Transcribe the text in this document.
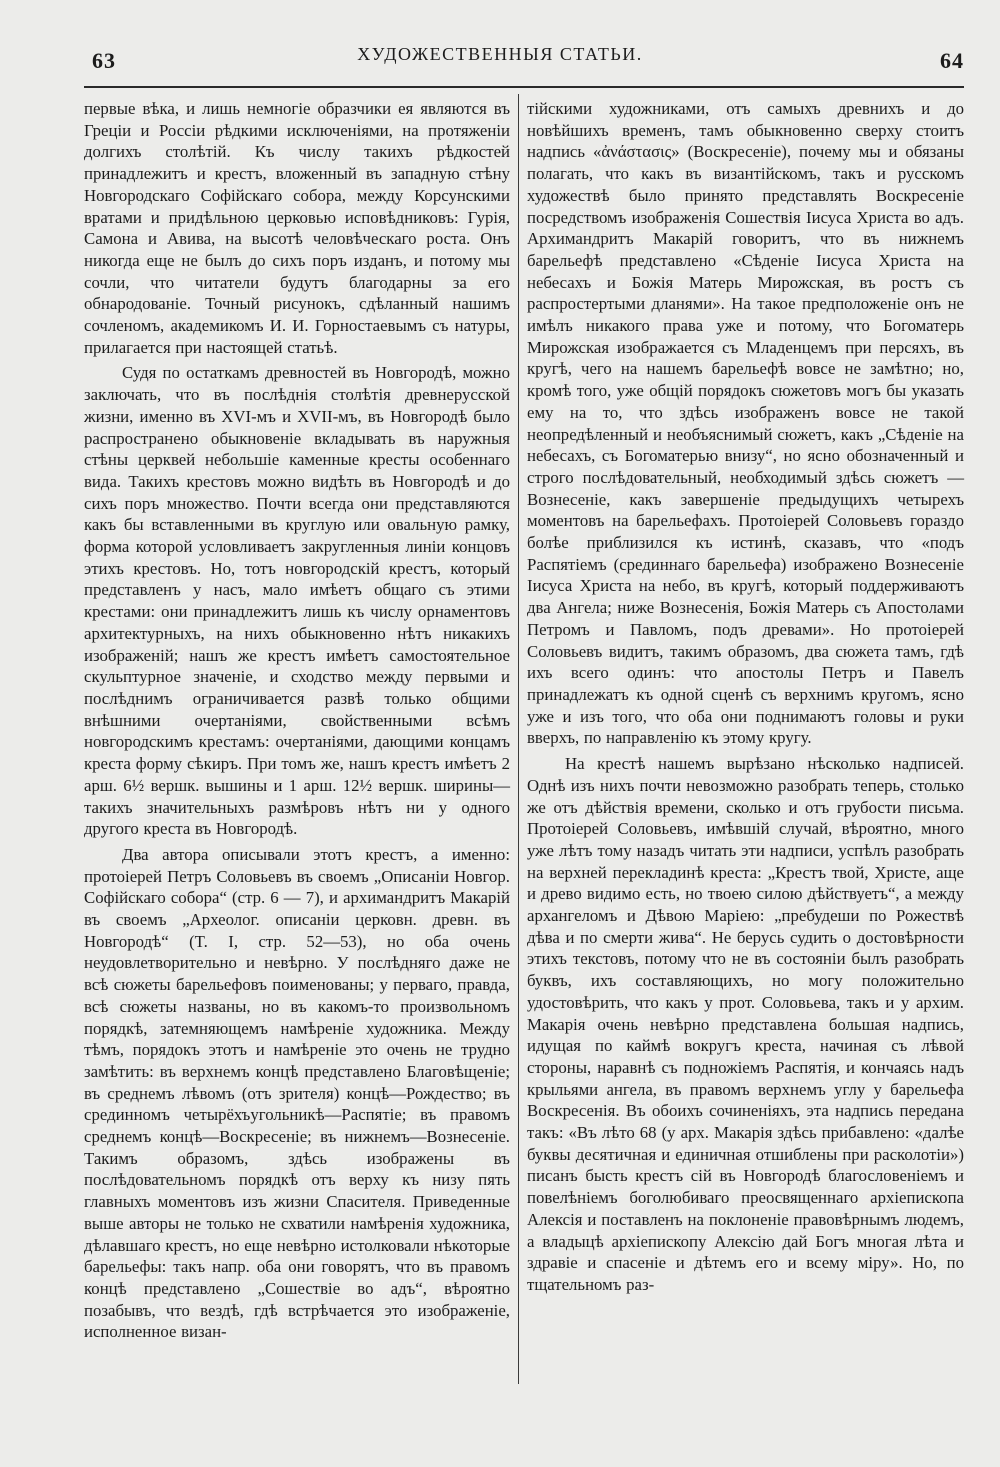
63	ХУДОЖЕСТВЕННЫЯ СТАТЬИ.	64

первые вѣка, и лишь немногіе образчики ея являются въ Греціи и Россіи рѣдкими исключеніями, на протяженіи долгихъ столѣтій. Къ числу такихъ рѣдкостей принадлежитъ и крестъ, вложенный въ западную стѣну Новгородскаго Софійскаго собора, между Корсунскими вратами и придѣльною церковью исповѣдниковъ: Гурія, Самона и Авива, на высотѣ человѣческаго роста. Онъ никогда еще не былъ до сихъ поръ изданъ, и потому мы сочли, что читатели будутъ благодарны за его обнародованіе. Точный рисунокъ, сдѣланный нашимъ сочленомъ, академикомъ И. И. Горностаевымъ съ натуры, прилагается при настоящей статьѣ.

Судя по остаткамъ древностей въ Новгородѣ, можно заключать, что въ послѣднія столѣтія древнерусской жизни, именно въ XVI-мъ и XVII-мъ, въ Новгородѣ было распространено обыкновеніе вкладывать въ наружныя стѣны церквей небольшіе каменные кресты особеннаго вида. Такихъ крестовъ можно видѣть въ Новгородѣ и до сихъ поръ множество. Почти всегда они представляются какъ бы вставленными въ круглую или овальную рамку, форма которой условливаетъ закругленныя линіи концовъ этихъ крестовъ. Но, тотъ новгородскій крестъ, который представленъ у насъ, мало имѣетъ общаго съ этими крестами: они принадлежитъ лишь къ числу орнаментовъ архитектурныхъ, на нихъ обыкновенно нѣтъ никакихъ изображеній; нашъ же крестъ имѣетъ самостоятельное скульптурное значеніе, и сходство между первыми и послѣднимъ ограничивается развѣ только общими внѣшними очертаніями, свойственными всѣмъ новгородскимъ крестамъ: очертаніями, дающими концамъ креста форму сѣкиръ. При томъ же, нашъ крестъ имѣетъ 2 арш. 6½ вершк. вышины и 1 арш. 12½ вершк. ширины—такихъ значительныхъ размѣровъ нѣтъ ни у одного другого креста въ Новгородѣ.

Два автора описывали этотъ крестъ, а именно: протоіерей Петръ Соловьевъ въ своемъ „Описаніи Новгор. Софійскаго собора“ (стр. 6 — 7), и архимандритъ Макарій въ своемъ „Археолог. описаніи церковн. древн. въ Новгородѣ“ (T. I, стр. 52—53), но оба очень неудовлетворительно и невѣрно. У послѣдняго даже не всѣ сюжеты барельефовъ поименованы; у перваго, правда, всѣ сюжеты названы, но въ какомъ-то произвольномъ порядкѣ, затемняющемъ намѣреніе художника. Между тѣмъ, порядокъ этотъ и намѣреніе это очень не трудно замѣтить: въ верхнемъ концѣ представлено Благовѣщеніе; въ среднемъ лѣвомъ (отъ зрителя) концѣ—Рождество; въ срединномъ четырёхъугольникѣ—Распятіе; въ правомъ среднемъ концѣ—Воскресеніе; въ нижнемъ—Вознесеніе. Такимъ образомъ, здѣсь изображены въ послѣдовательномъ порядкѣ отъ верху къ низу пять главныхъ моментовъ изъ жизни Спасителя. Приведенные выше авторы не только не схватили намѣренія художника, дѣлавшаго крестъ, но еще невѣрно истолковали нѣкоторые барельефы: такъ напр. оба они говорятъ, что въ правомъ концѣ представлено „Сошествіе во адъ“, вѣроятно позабывъ, что вездѣ, гдѣ встрѣчается это изображеніе, исполненное визан-

тійскими художниками, отъ самыхъ древнихъ и до новѣйшихъ временъ, тамъ обыкновенно сверху стоитъ надпись «ἀνάστασις» (Воскресеніе), почему мы и обязаны полагать, что какъ въ византійскомъ, такъ и русскомъ художествѣ было принято представлять Воскресеніе посредствомъ изображенія Сошествія Іисуса Христа во адъ. Архимандритъ Макарій говоритъ, что въ нижнемъ барельефѣ представлено «Сѣденіе Іисуса Христа на небесахъ и Божія Матерь Мирожская, въ ростъ съ распростертыми дланями». На такое предположеніе онъ не имѣлъ никакого права уже и потому, что Богоматерь Мирожская изображается съ Младенцемъ при персяхъ, въ кругѣ, чего на нашемъ барельефѣ вовсе не замѣтно; но, кромѣ того, уже общій порядокъ сюжетовъ могъ бы указать ему на то, что здѣсь изображенъ вовсе не такой неопредѣленный и необъяснимый сюжетъ, какъ „Сѣденіе на небесахъ, съ Богоматерью внизу“, но ясно обозначенный и строго послѣдовательный, необходимый здѣсь сюжетъ — Вознесеніе, какъ завершеніе предыдущихъ четырехъ моментовъ на барельефахъ. Протоіерей Соловьевъ гораздо болѣе приблизился къ истинѣ, сказавъ, что «подъ Распятіемъ (срединнаго барельефа) изображено Вознесеніе Іисуса Христа на небо, въ кругѣ, который поддерживаютъ два Ангела; ниже Вознесенія, Божія Матерь съ Апостолами Петромъ и Павломъ, подъ древами». Но протоіерей Соловьевъ видитъ, такимъ образомъ, два сюжета тамъ, гдѣ ихъ всего одинъ: что апостолы Петръ и Павелъ принадлежатъ къ одной сценѣ съ верхнимъ кругомъ, ясно уже и изъ того, что оба они поднимаютъ головы и руки вверхъ, по направленію къ этому кругу.

На крестѣ нашемъ вырѣзано нѣсколько надписей. Однѣ изъ нихъ почти невозможно разобрать теперь, столько же отъ дѣйствія времени, сколько и отъ грубости письма. Протоіерей Соловьевъ, имѣвшій случай, вѣроятно, много уже лѣтъ тому назадъ читать эти надписи, успѣлъ разобрать на верхней перекладинѣ креста: „Крестъ твой, Христе, аще и древо видимо есть, но твоею силою дѣйствуетъ“, а между архангеломъ и Дѣвою Маріею: „пребудеши по Рожествѣ дѣва и по смерти жива“. Не берусь судить о достовѣрности этихъ текстовъ, потому что не въ состояніи былъ разобрать буквъ, ихъ составляющихъ, но могу положительно удостовѣрить, что какъ у прот. Соловьева, такъ и у архим. Макарія очень невѣрно представлена большая надпись, идущая по каймѣ вокругъ креста, начиная съ лѣвой стороны, наравнѣ съ подножіемъ Распятія, и кончаясь надъ крыльями ангела, въ правомъ верхнемъ углу у барельефа Воскресенія. Въ обоихъ сочиненіяхъ, эта надпись передана такъ: «Въ лѣто 68 (у арх. Макарія здѣсь прибавлено: «далѣе буквы десятичная и единичная отшиблены при расколотіи») писанъ бысть крестъ сій въ Новгородѣ благословеніемъ и повелѣніемъ боголюбиваго преосвященнаго архіепископа Алексія и поставленъ на поклоненіе правовѣрнымъ людемъ, а владыцѣ архіепископу Алексію дай Богъ многая лѣта и здравіе и спасеніе и дѣтемъ его и всему міру». Но, по тщательномъ раз-
